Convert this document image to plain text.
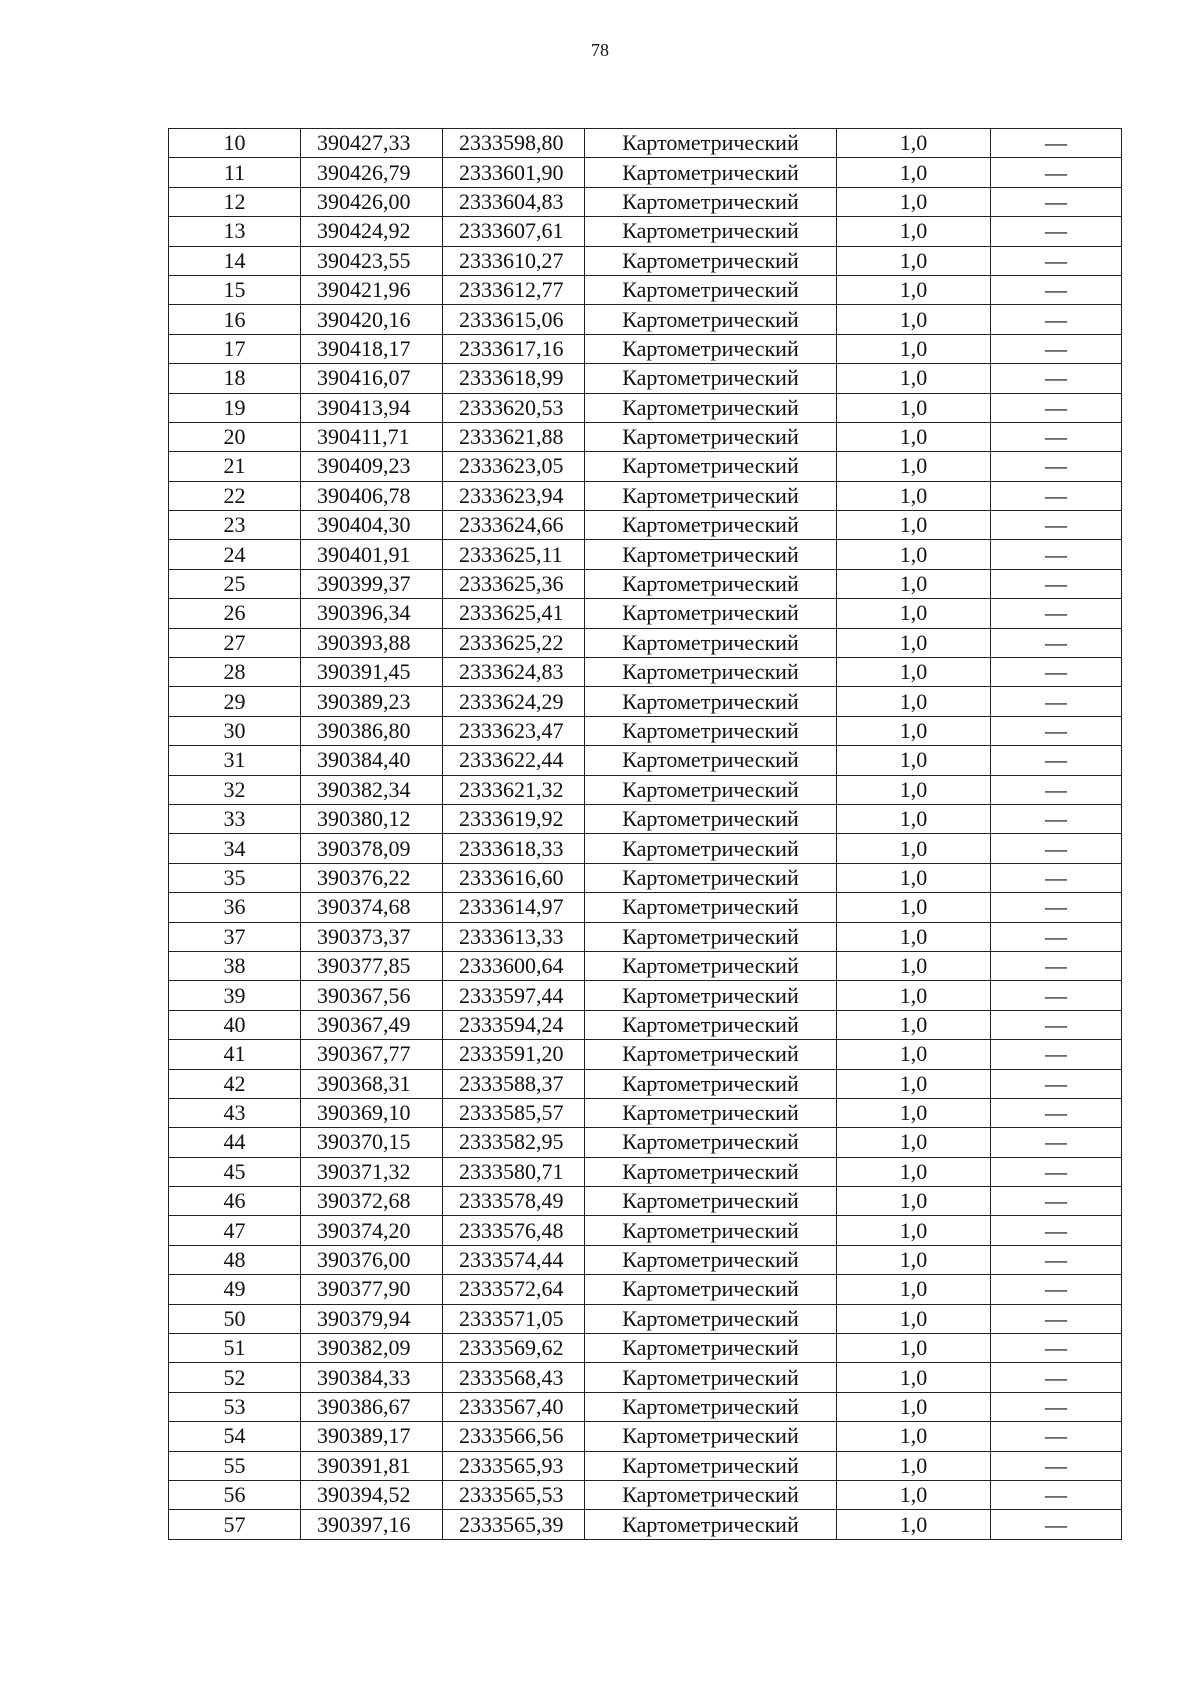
78
10	390427,33	2333598,80	Картометрический	1,0	—
11	390426,79	2333601,90	Картометрический	1,0	—
12	390426,00	2333604,83	Картометрический	1,0	—
13	390424,92	2333607,61	Картометрический	1,0	—
14	390423,55	2333610,27	Картометрический	1,0	—
15	390421,96	2333612,77	Картометрический	1,0	—
16	390420,16	2333615,06	Картометрический	1,0	—
17	390418,17	2333617,16	Картометрический	1,0	—
18	390416,07	2333618,99	Картометрический	1,0	—
19	390413,94	2333620,53	Картометрический	1,0	—
20	390411,71	2333621,88	Картометрический	1,0	—
21	390409,23	2333623,05	Картометрический	1,0	—
22	390406,78	2333623,94	Картометрический	1,0	—
23	390404,30	2333624,66	Картометрический	1,0	—
24	390401,91	2333625,11	Картометрический	1,0	—
25	390399,37	2333625,36	Картометрический	1,0	—
26	390396,34	2333625,41	Картометрический	1,0	—
27	390393,88	2333625,22	Картометрический	1,0	—
28	390391,45	2333624,83	Картометрический	1,0	—
29	390389,23	2333624,29	Картометрический	1,0	—
30	390386,80	2333623,47	Картометрический	1,0	—
31	390384,40	2333622,44	Картометрический	1,0	—
32	390382,34	2333621,32	Картометрический	1,0	—
33	390380,12	2333619,92	Картометрический	1,0	—
34	390378,09	2333618,33	Картометрический	1,0	—
35	390376,22	2333616,60	Картометрический	1,0	—
36	390374,68	2333614,97	Картометрический	1,0	—
37	390373,37	2333613,33	Картометрический	1,0	—
38	390377,85	2333600,64	Картометрический	1,0	—
39	390367,56	2333597,44	Картометрический	1,0	—
40	390367,49	2333594,24	Картометрический	1,0	—
41	390367,77	2333591,20	Картометрический	1,0	—
42	390368,31	2333588,37	Картометрический	1,0	—
43	390369,10	2333585,57	Картометрический	1,0	—
44	390370,15	2333582,95	Картометрический	1,0	—
45	390371,32	2333580,71	Картометрический	1,0	—
46	390372,68	2333578,49	Картометрический	1,0	—
47	390374,20	2333576,48	Картометрический	1,0	—
48	390376,00	2333574,44	Картометрический	1,0	—
49	390377,90	2333572,64	Картометрический	1,0	—
50	390379,94	2333571,05	Картометрический	1,0	—
51	390382,09	2333569,62	Картометрический	1,0	—
52	390384,33	2333568,43	Картометрический	1,0	—
53	390386,67	2333567,40	Картометрический	1,0	—
54	390389,17	2333566,56	Картометрический	1,0	—
55	390391,81	2333565,93	Картометрический	1,0	—
56	390394,52	2333565,53	Картометрический	1,0	—
57	390397,16	2333565,39	Картометрический	1,0	—
